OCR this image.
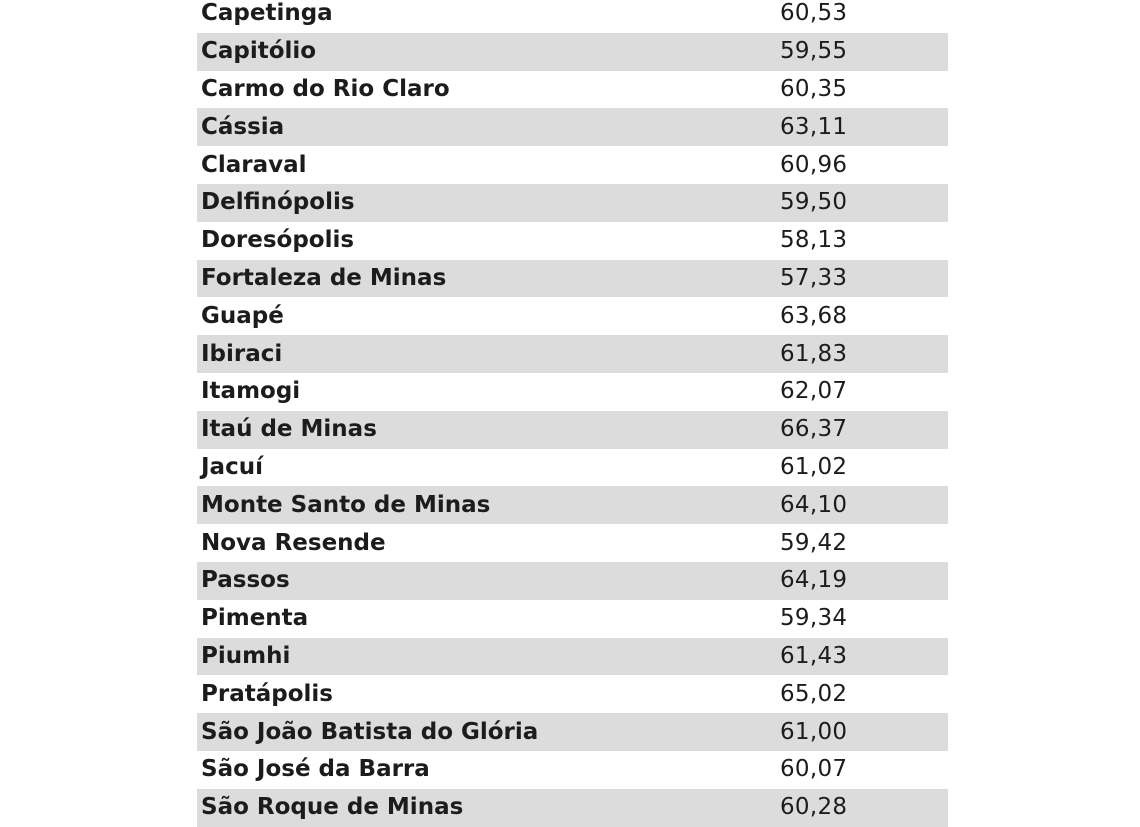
Capetinga	60,53
Capitólio	59,55
Carmo do Rio Claro	60,35
Cássia	63,11
Claraval	60,96
Delfinópolis	59,50
Doresópolis	58,13
Fortaleza de Minas	57,33
Guapé	63,68
Ibiraci	61,83
Itamogi	62,07
Itaú de Minas	66,37
Jacuí	61,02
Monte Santo de Minas	64,10
Nova Resende	59,42
Passos	64,19
Pimenta	59,34
Piumhi	61,43
Pratápolis	65,02
São João Batista do Glória	61,00
São José da Barra	60,07
São Roque de Minas	60,28
